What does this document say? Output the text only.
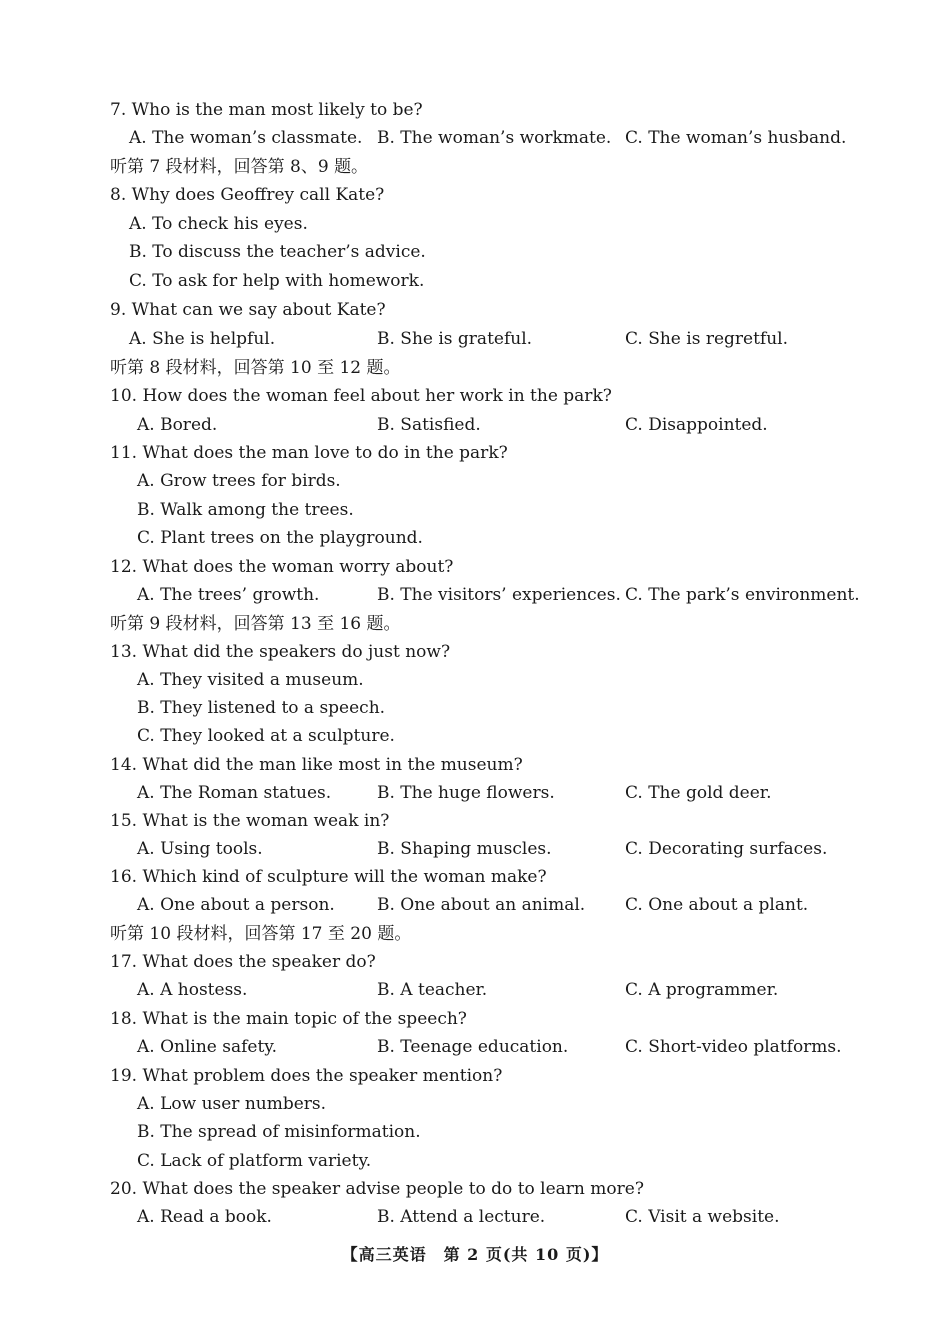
7. Who is the man most likely to be?
A. The woman’s classmate. B. The woman’s workmate. C. The woman’s husband.
听第 7 段材料，回答第 8、9 题。
8. Why does Geoffrey call Kate?
A. To check his eyes.
B. To discuss the teacher’s advice.
C. To ask for help with homework.
9. What can we say about Kate?
A. She is helpful.	B. She is grateful.	C. She is regretful.
听第 8 段材料，回答第 10 至 12 题。
10. How does the woman feel about her work in the park?
A. Bored.	B. Satisfied.	C. Disappointed.
11. What does the man love to do in the park?
A. Grow trees for birds.
B. Walk among the trees.
C. Plant trees on the playground.
12. What does the woman worry about?
A. The trees’ growth.	B. The visitors’ experiences. C. The park’s environment.
听第 9 段材料，回答第 13 至 16 题。
13. What did the speakers do just now?
A. They visited a museum.
B. They listened to a speech.
C. They looked at a sculpture.
14. What did the man like most in the museum?
A. The Roman statues.	B. The huge flowers.	C. The gold deer.
15. What is the woman weak in?
A. Using tools.	B. Shaping muscles.	C. Decorating surfaces.
16. Which kind of sculpture will the woman make?
A. One about a person. B. One about an animal. C. One about a plant.
听第 10 段材料，回答第 17 至 20 题。
17. What does the speaker do?
A. A hostess.	B. A teacher.	C. A programmer.
18. What is the main topic of the speech?
A. Online safety.	B. Teenage education.	C. Short-video platforms.
19. What problem does the speaker mention?
A. Low user numbers.
B. The spread of misinformation.
C. Lack of platform variety.
20. What does the speaker advise people to do to learn more?
A. Read a book.	B. Attend a lecture.	C. Visit a website.
【高三英语　第 2 页(共 10 页)】
